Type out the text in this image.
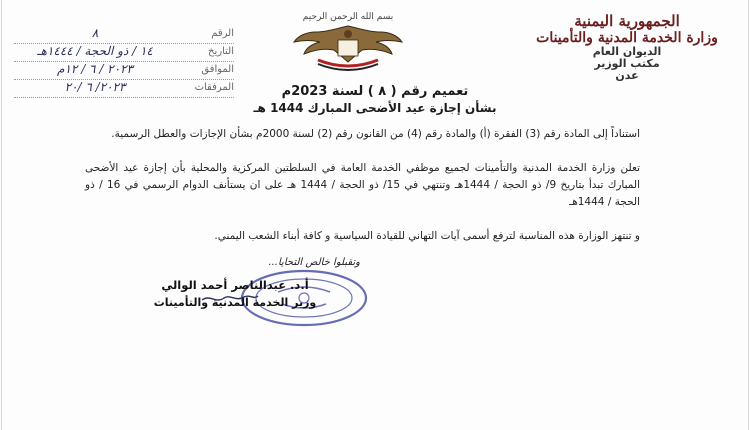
الجمهورية اليمنية
وزارة الخدمة المدنية والتأمينات
الديوان العام
مكتب الوزير
عدن
بسم الله الرحمن الرحيم
الرقم
٨
التاريخ
١٤ / ذو الحجة / ١٤٤٤هـ
الموافق
٢٠٢٣ / ٦ / ١٢م
المرفقات
٢٠٢٣/ ٦ /٢٠	تعميم رقم ( ٨ ) لسنة 2023م
بشأن إجازة عيد الأضحى المبارك 1444 هـ
استناداً إلى المادة رقم (3) الفقرة (أ) والمادة رقم (4) من القانون رقم (2) لسنة 2000م بشأن الإجازات والعطل الرسمية.
تعلن وزارة الخدمة المدنية والتأمينات لجميع موظفي الخدمة العامة في السلطتين المركزية والمحلية بأن إجازة عيد الأضحى المبارك تبدأ بتاريخ 9/ ذو الحجة / 1444هـ وتنتهي في 15/ ذو الحجة / 1444 هـ على ان يستأنف الدوام الرسمي في 16 / ذو الحجة / 1444هـ
و تنتهز الوزارة هذه المناسبة لترفع أسمى آيات التهاني للقيادة السياسية و كافة أبناء الشعب اليمني.
وتقبلوا خالص التحايا...
أ.د. عبدالناصر أحمد الوالي
وزير الخدمة المدنية والتأمينات
